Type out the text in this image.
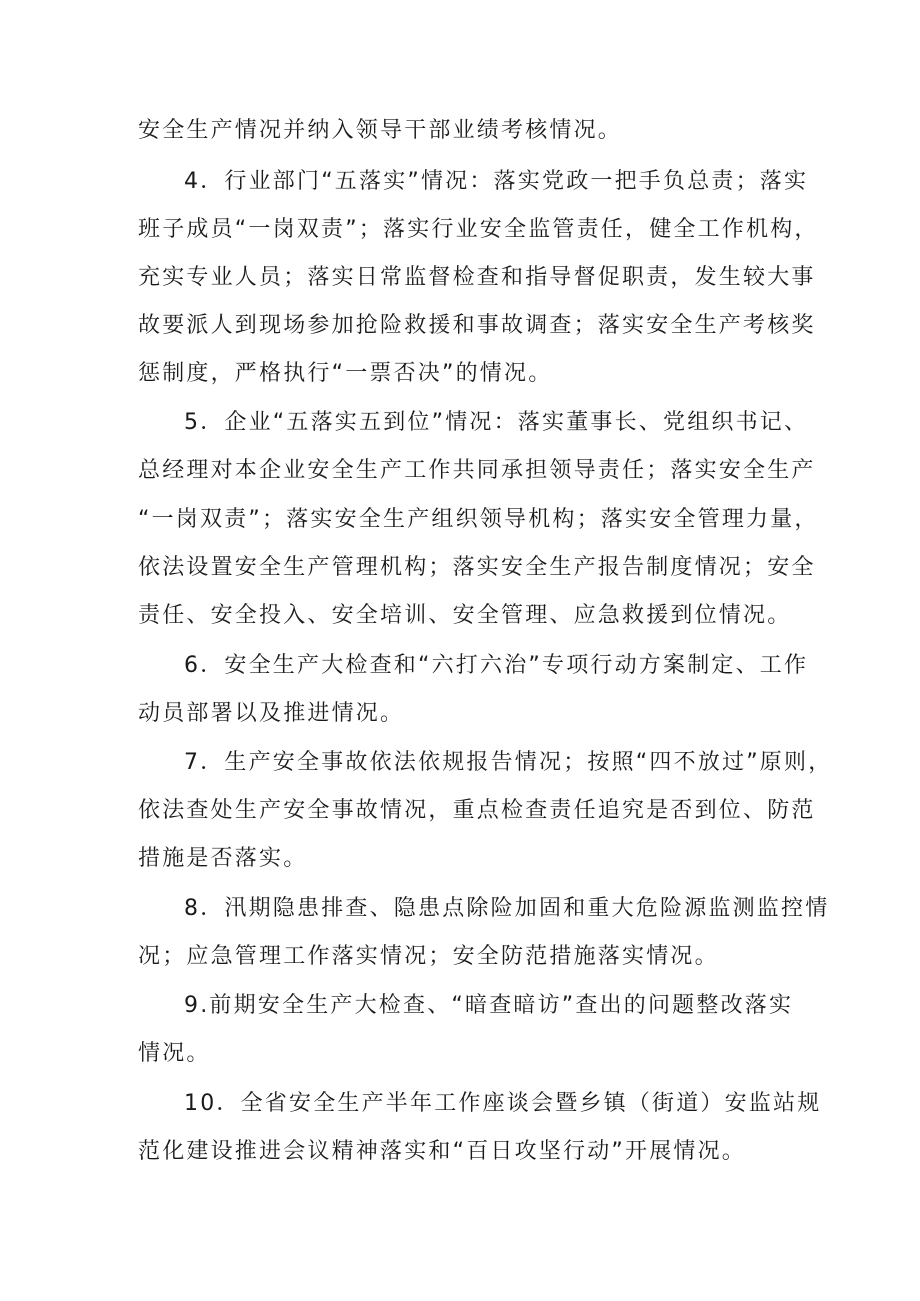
安全生产情况并纳入领导干部业绩考核情况。
4．行业部门“五落实”情况：落实党政一把手负总责；落实
班子成员“一岗双责”；落实行业安全监管责任，健全工作机构，
充实专业人员；落实日常监督检查和指导督促职责，发生较大事
故要派人到现场参加抢险救援和事故调查；落实安全生产考核奖
惩制度，严格执行“一票否决”的情况。
5．企业“五落实五到位”情况：落实董事长、党组织书记、
总经理对本企业安全生产工作共同承担领导责任；落实安全生产
“一岗双责”；落实安全生产组织领导机构；落实安全管理力量，
依法设置安全生产管理机构；落实安全生产报告制度情况；安全
责任、安全投入、安全培训、安全管理、应急救援到位情况。
6．安全生产大检查和“六打六治”专项行动方案制定、工作
动员部署以及推进情况。
7．生产安全事故依法依规报告情况；按照“四不放过”原则，
依法查处生产安全事故情况，重点检查责任追究是否到位、防范
措施是否落实。
8．汛期隐患排查、隐患点除险加固和重大危险源监测监控情
况；应急管理工作落实情况；安全防范措施落实情况。
9.前期安全生产大检查、“暗查暗访”查出的问题整改落实
情况。
10．全省安全生产半年工作座谈会暨乡镇（街道）安监站规
范化建设推进会议精神落实和“百日攻坚行动”开展情况。
